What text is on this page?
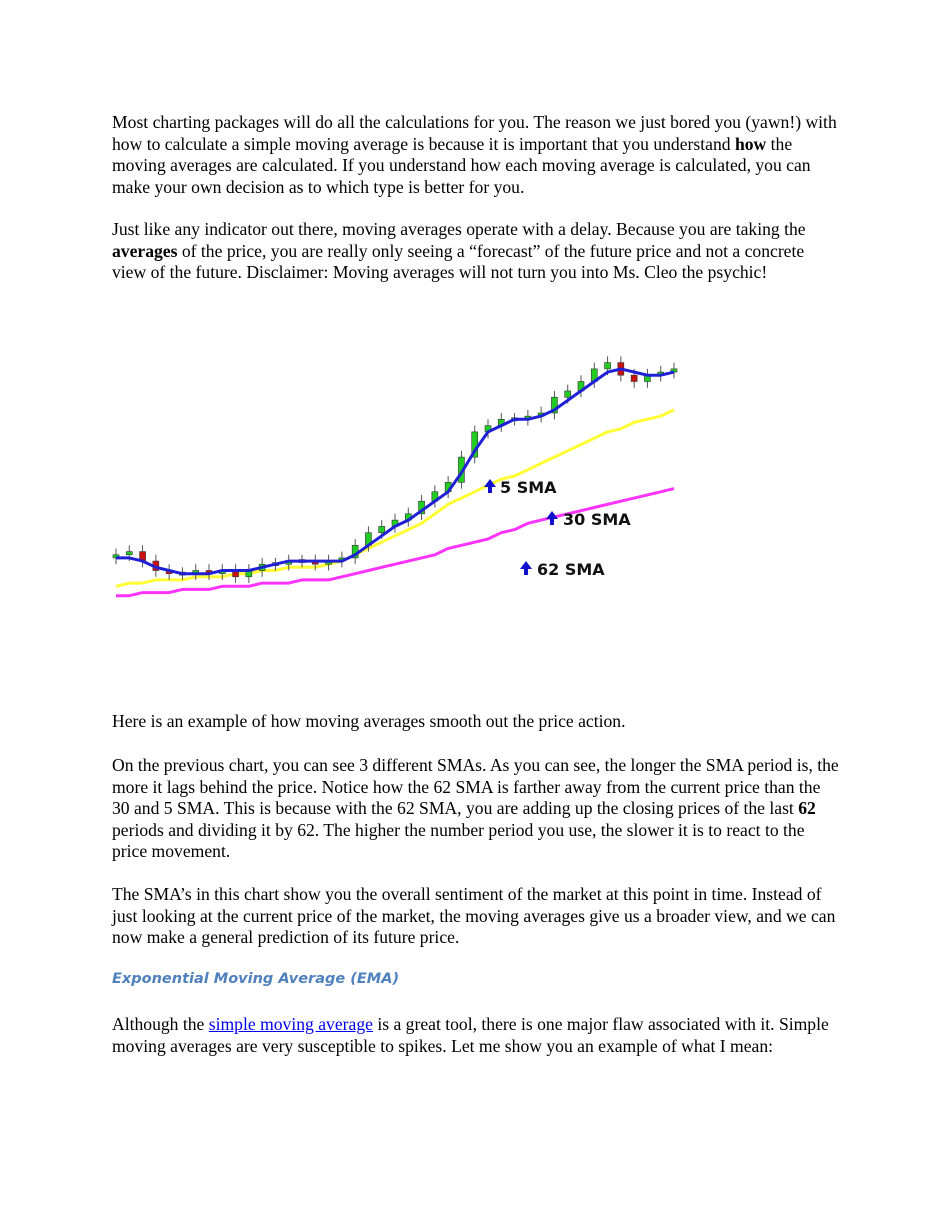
Most charting packages will do all the calculations for you. The reason we just bored you (yawn!) with how to calculate a simple moving average is because it is important that you understand how the moving averages are calculated. If you understand how each moving average is calculated, you can make your own decision as to which type is better for you.

Just like any indicator out there, moving averages operate with a delay. Because you are taking the averages of the price, you are really only seeing a “forecast” of the future price and not a concrete view of the future. Disclaimer: Moving averages will not turn you into Ms. Cleo the psychic!

5 SMA
30 SMA
62 SMA

Here is an example of how moving averages smooth out the price action.

On the previous chart, you can see 3 different SMAs. As you can see, the longer the SMA period is, the more it lags behind the price. Notice how the 62 SMA is farther away from the current price than the 30 and 5 SMA. This is because with the 62 SMA, you are adding up the closing prices of the last 62 periods and dividing it by 62. The higher the number period you use, the slower it is to react to the price movement.

The SMA’s in this chart show you the overall sentiment of the market at this point in time. Instead of just looking at the current price of the market, the moving averages give us a broader view, and we can now make a general prediction of its future price.

Exponential Moving Average (EMA)

Although the simple moving average is a great tool, there is one major flaw associated with it. Simple moving averages are very susceptible to spikes. Let me show you an example of what I mean:
